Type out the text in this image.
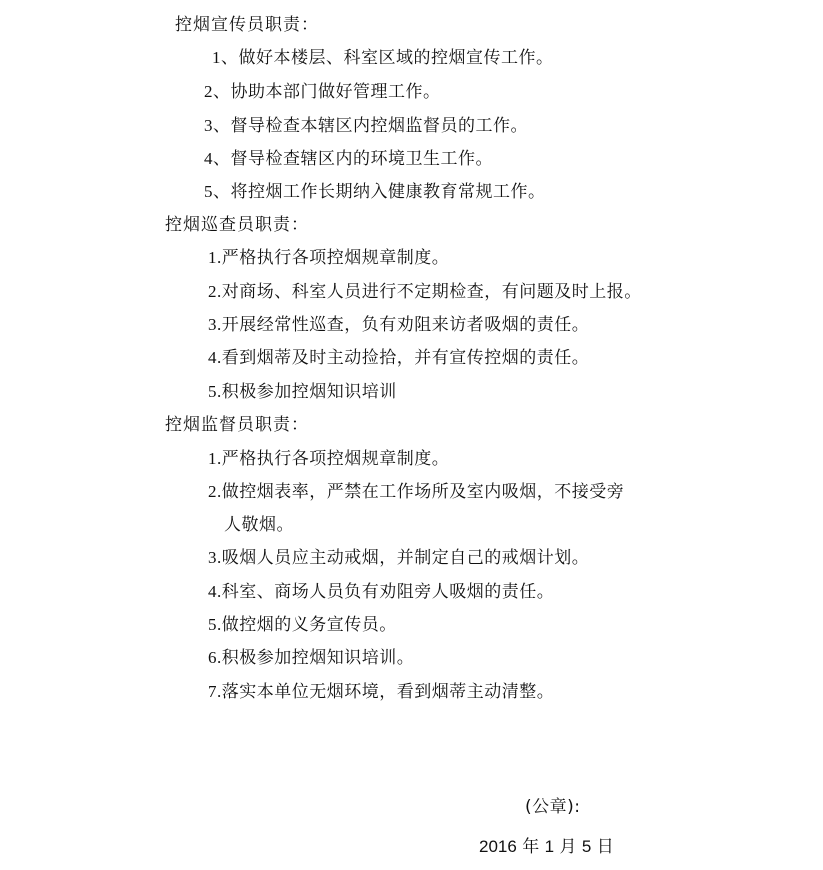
控烟宣传员职责：
1、做好本楼层、科室区域的控烟宣传工作。
2、协助本部门做好管理工作。
3、督导检查本辖区内控烟监督员的工作。
4、督导检查辖区内的环境卫生工作。
5、将控烟工作长期纳入健康教育常规工作。
控烟巡查员职责：
1.严格执行各项控烟规章制度。
2.对商场、科室人员进行不定期检查，有问题及时上报。
3.开展经常性巡查，负有劝阻来访者吸烟的责任。
4.看到烟蒂及时主动捡拾，并有宣传控烟的责任。
5.积极参加控烟知识培训
控烟监督员职责：
1.严格执行各项控烟规章制度。
2.做控烟表率，严禁在工作场所及室内吸烟，不接受旁
人敬烟。
3.吸烟人员应主动戒烟，并制定自己的戒烟计划。
4.科室、商场人员负有劝阻旁人吸烟的责任。
5.做控烟的义务宣传员。
6.积极参加控烟知识培训。
7.落实本单位无烟环境，看到烟蒂主动清整。
(公章):
2016 年 1 月 5 日
